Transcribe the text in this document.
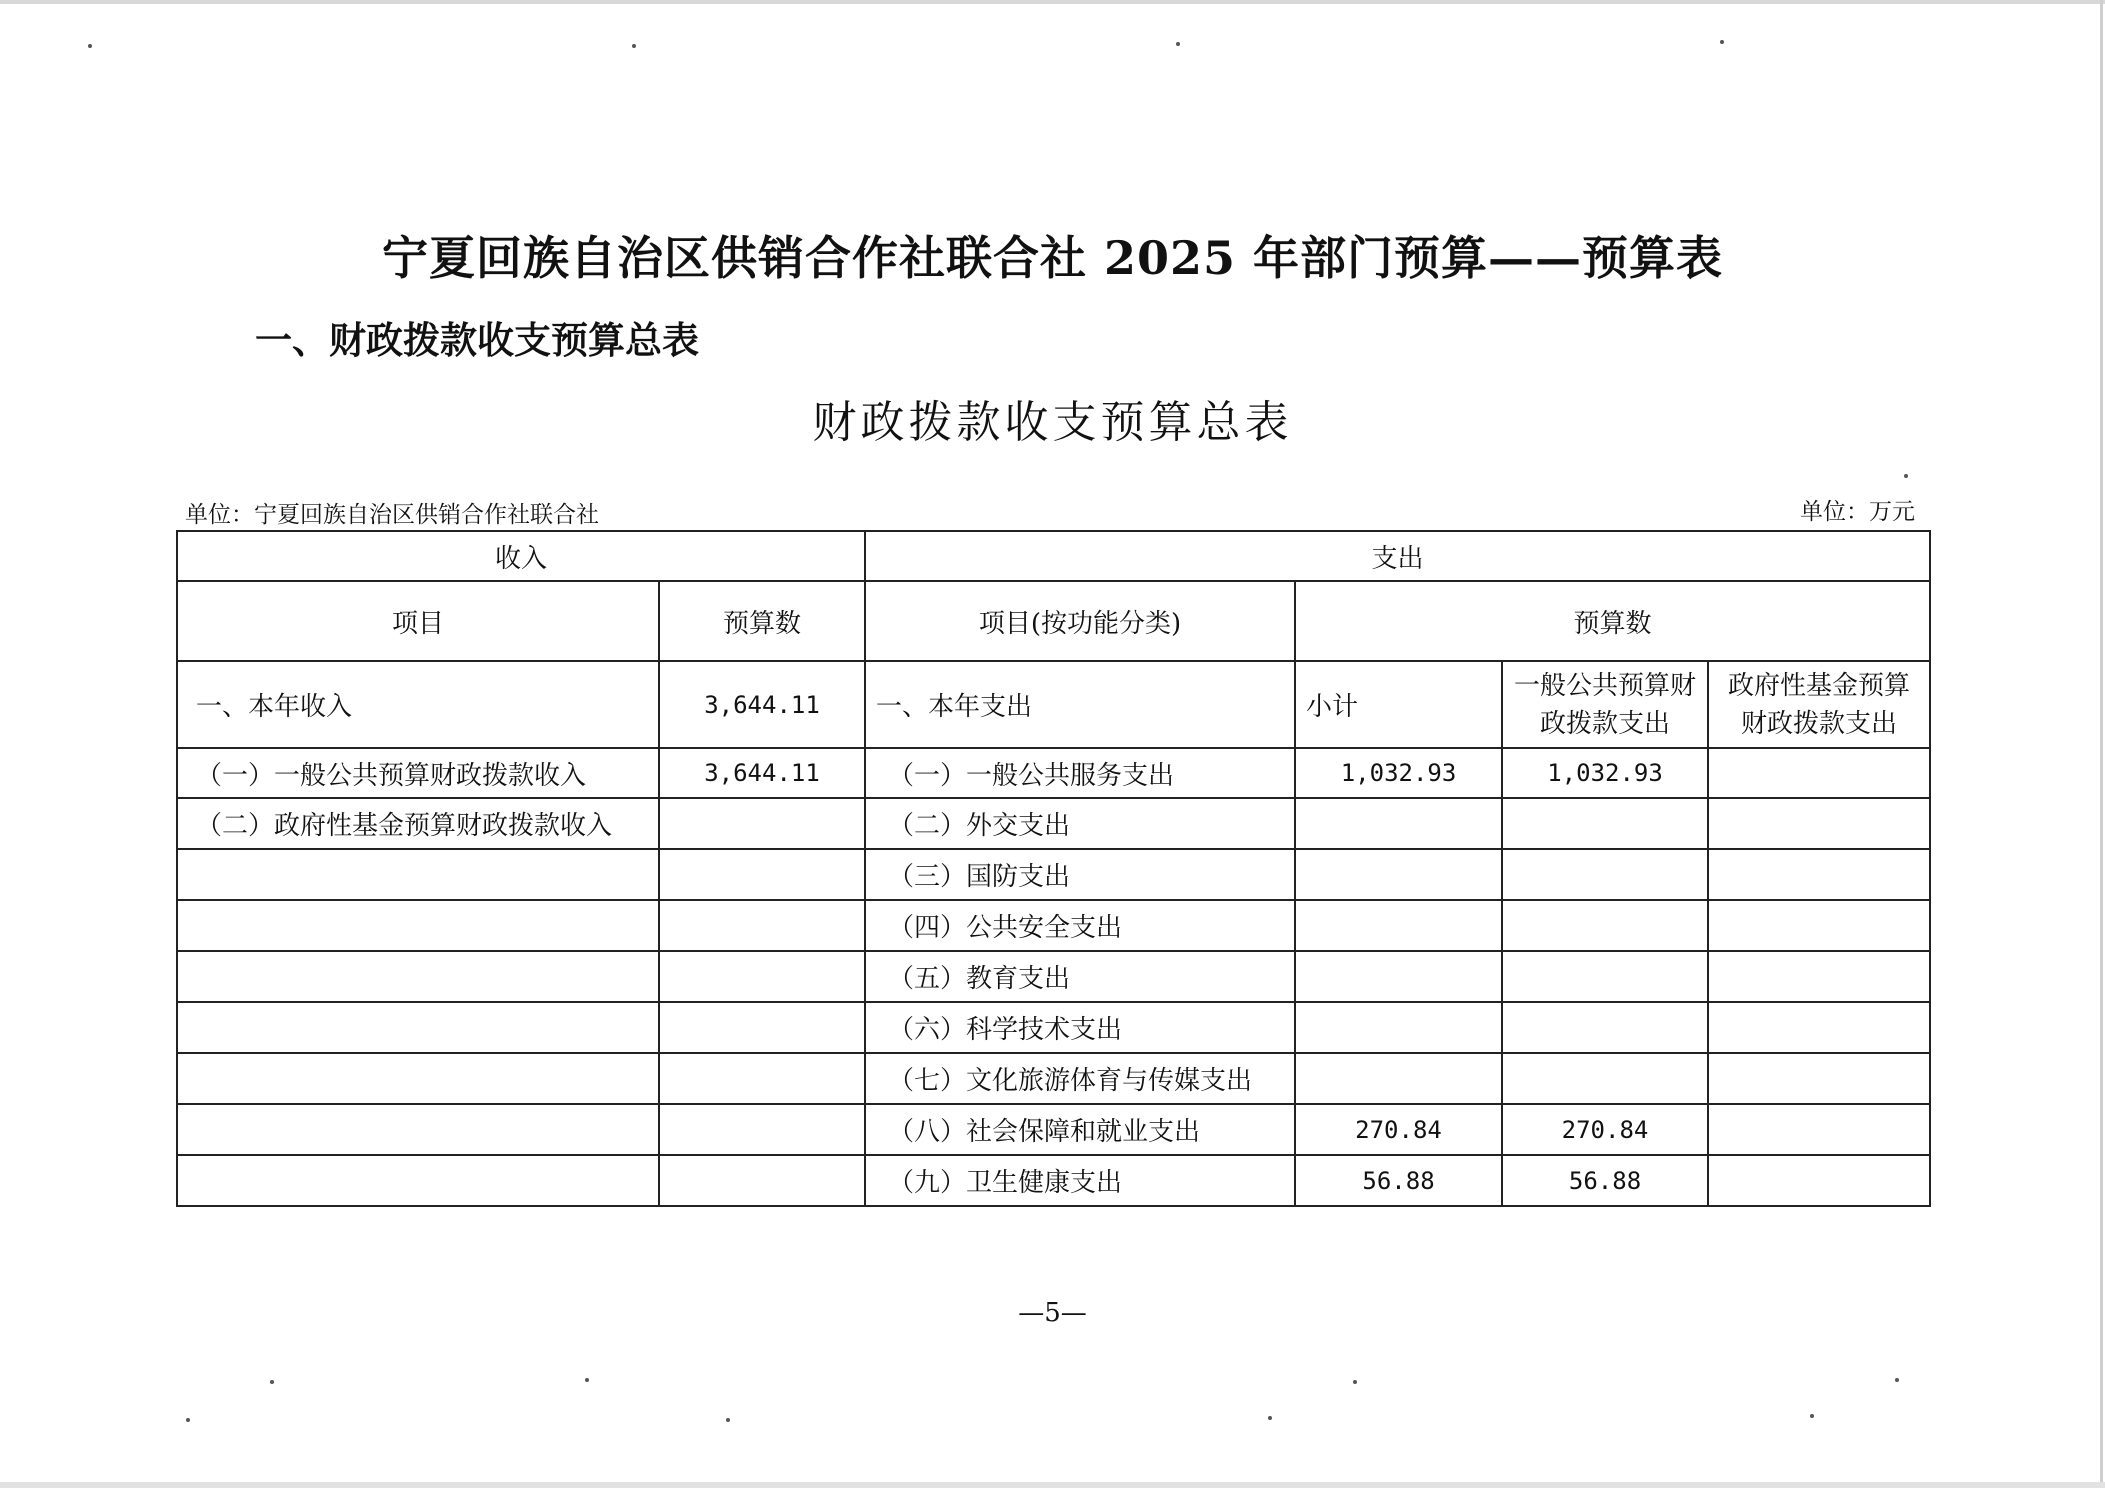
宁夏回族自治区供销合作社联合社 2025 年部门预算——预算表
一、财政拨款收支预算总表
财政拨款收支预算总表
单位：宁夏回族自治区供销合作社联合社	单位：万元
收入		支出			
项目	预算数	项目(按功能分类)	预算数		
一、本年收入	3,644.11	一、本年支出	小计	一般公共预算财政拨款支出	政府性基金预算财政拨款支出
（一）一般公共预算财政拨款收入	3,644.11	（一）一般公共服务支出	1,032.93	1,032.93	
（二）政府性基金预算财政拨款收入		（二）外交支出			
		（三）国防支出			
		（四）公共安全支出			
		（五）教育支出			
		（六）科学技术支出			
		（七）文化旅游体育与传媒支出			
		（八）社会保障和就业支出	270.84	270.84	
		（九）卫生健康支出	56.88	56.88	
—5—
